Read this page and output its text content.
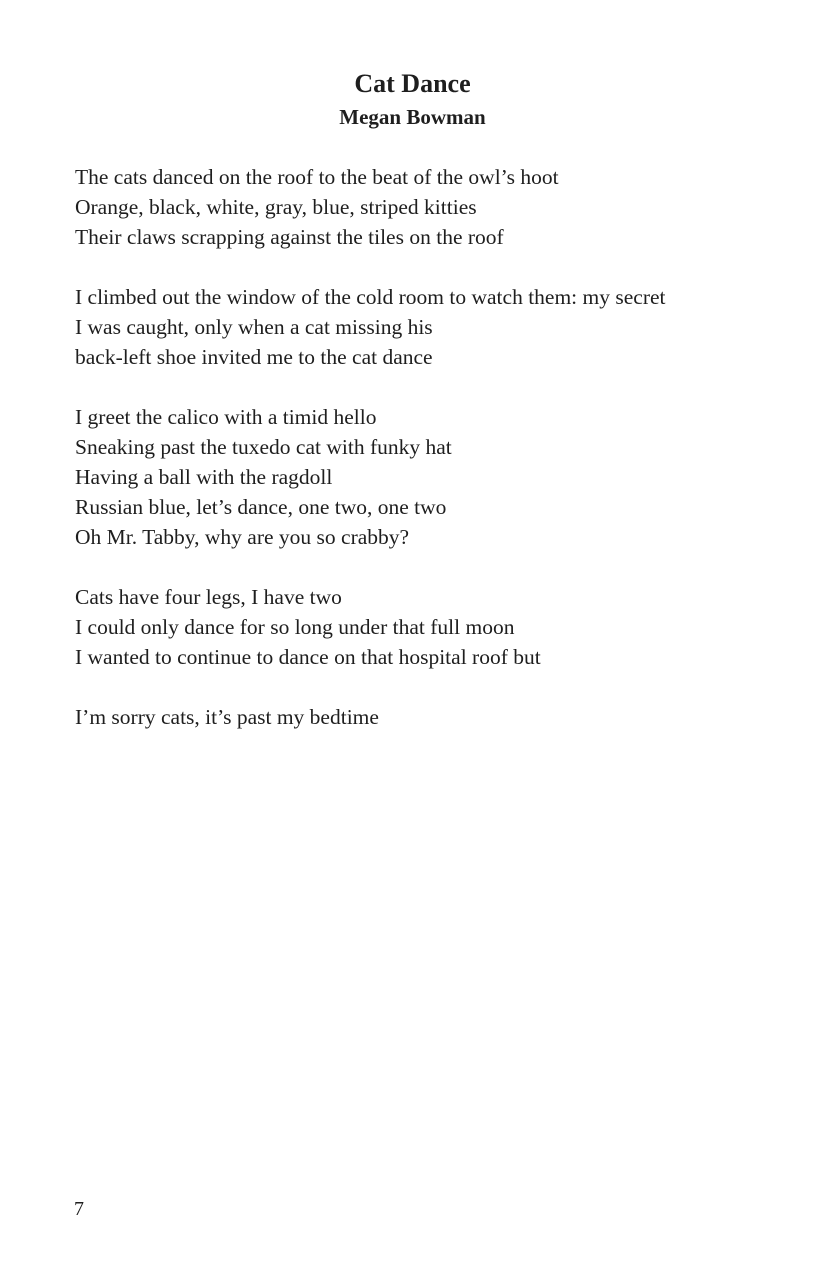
Cat Dance
Megan Bowman

The cats danced on the roof to the beat of the owl’s hoot
Orange, black, white, gray, blue, striped kitties
Their claws scrapping against the tiles on the roof

I climbed out the window of the cold room to watch them: my secret
I was caught, only when a cat missing his
back-left shoe invited me to the cat dance

I greet the calico with a timid hello
Sneaking past the tuxedo cat with funky hat
Having a ball with the ragdoll
Russian blue, let’s dance, one two, one two
Oh Mr. Tabby, why are you so crabby?

Cats have four legs, I have two
I could only dance for so long under that full moon
I wanted to continue to dance on that hospital roof but

I’m sorry cats, it’s past my bedtime

7
